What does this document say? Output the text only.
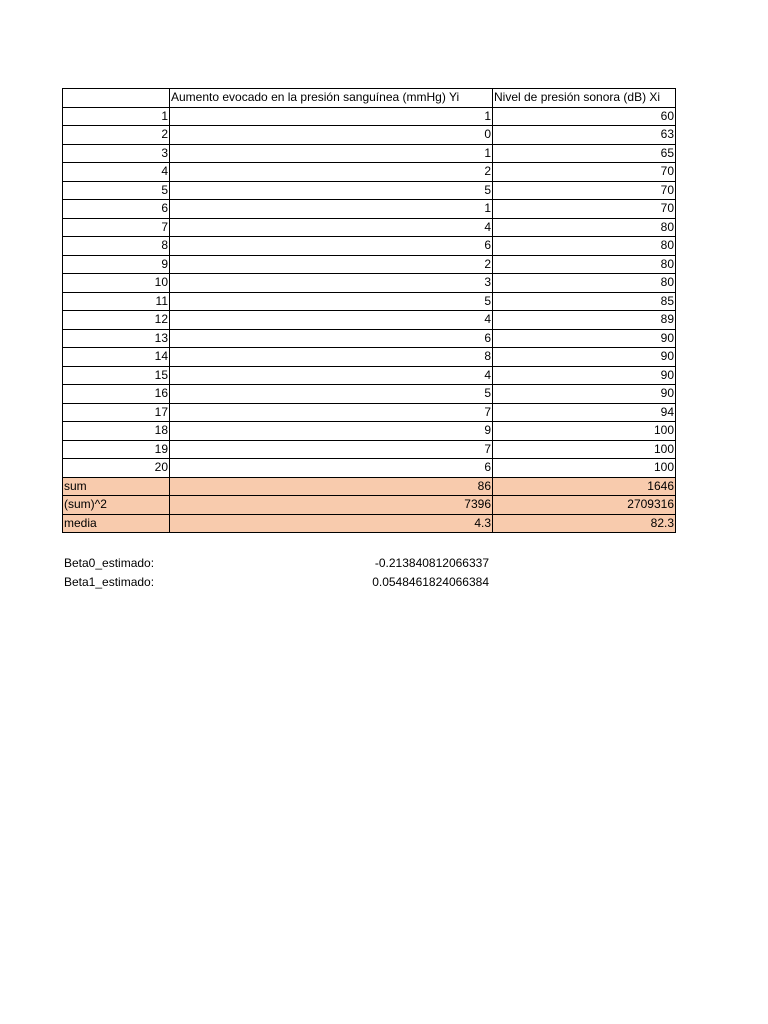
	Aumento evocado en la presión sanguínea (mmHg) Yi	Nivel de presión sonora (dB) Xi
1	1	60
2	0	63
3	1	65
4	2	70
5	5	70
6	1	70
7	4	80
8	6	80
9	2	80
10	3	80
11	5	85
12	4	89
13	6	90
14	8	90
15	4	90
16	5	90
17	7	94
18	9	100
19	7	100
20	6	100
sum	86	1646
(sum)^2	7396	2709316
media	4.3	82.3
Beta0_estimado:	-0.213840812066337
Beta1_estimado:	0.0548461824066384
